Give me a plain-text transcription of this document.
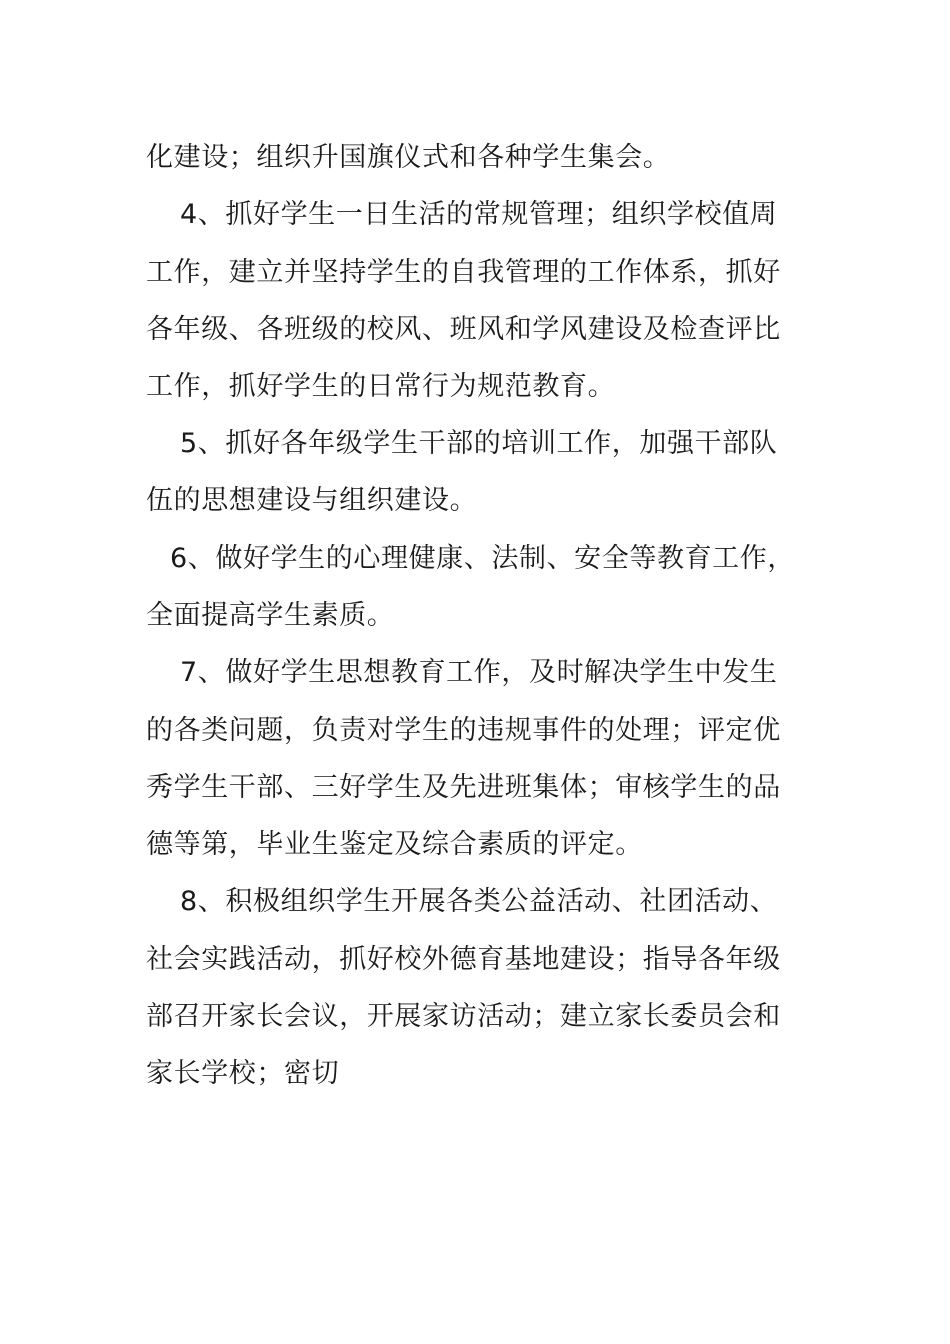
化建设；组织升国旗仪式和各种学生集会。
4、抓好学生一日生活的常规管理；组织学校值周
工作，建立并坚持学生的自我管理的工作体系，抓好
各年级、各班级的校风、班风和学风建设及检查评比
工作，抓好学生的日常行为规范教育。
5、抓好各年级学生干部的培训工作，加强干部队
伍的思想建设与组织建设。
6、做好学生的心理健康、法制、安全等教育工作，
全面提高学生素质。
7、做好学生思想教育工作，及时解决学生中发生
的各类问题，负责对学生的违规事件的处理；评定优
秀学生干部、三好学生及先进班集体；审核学生的品
德等第，毕业生鉴定及综合素质的评定。
8、积极组织学生开展各类公益活动、社团活动、
社会实践活动，抓好校外德育基地建设；指导各年级
部召开家长会议，开展家访活动；建立家长委员会和
家长学校；密切
